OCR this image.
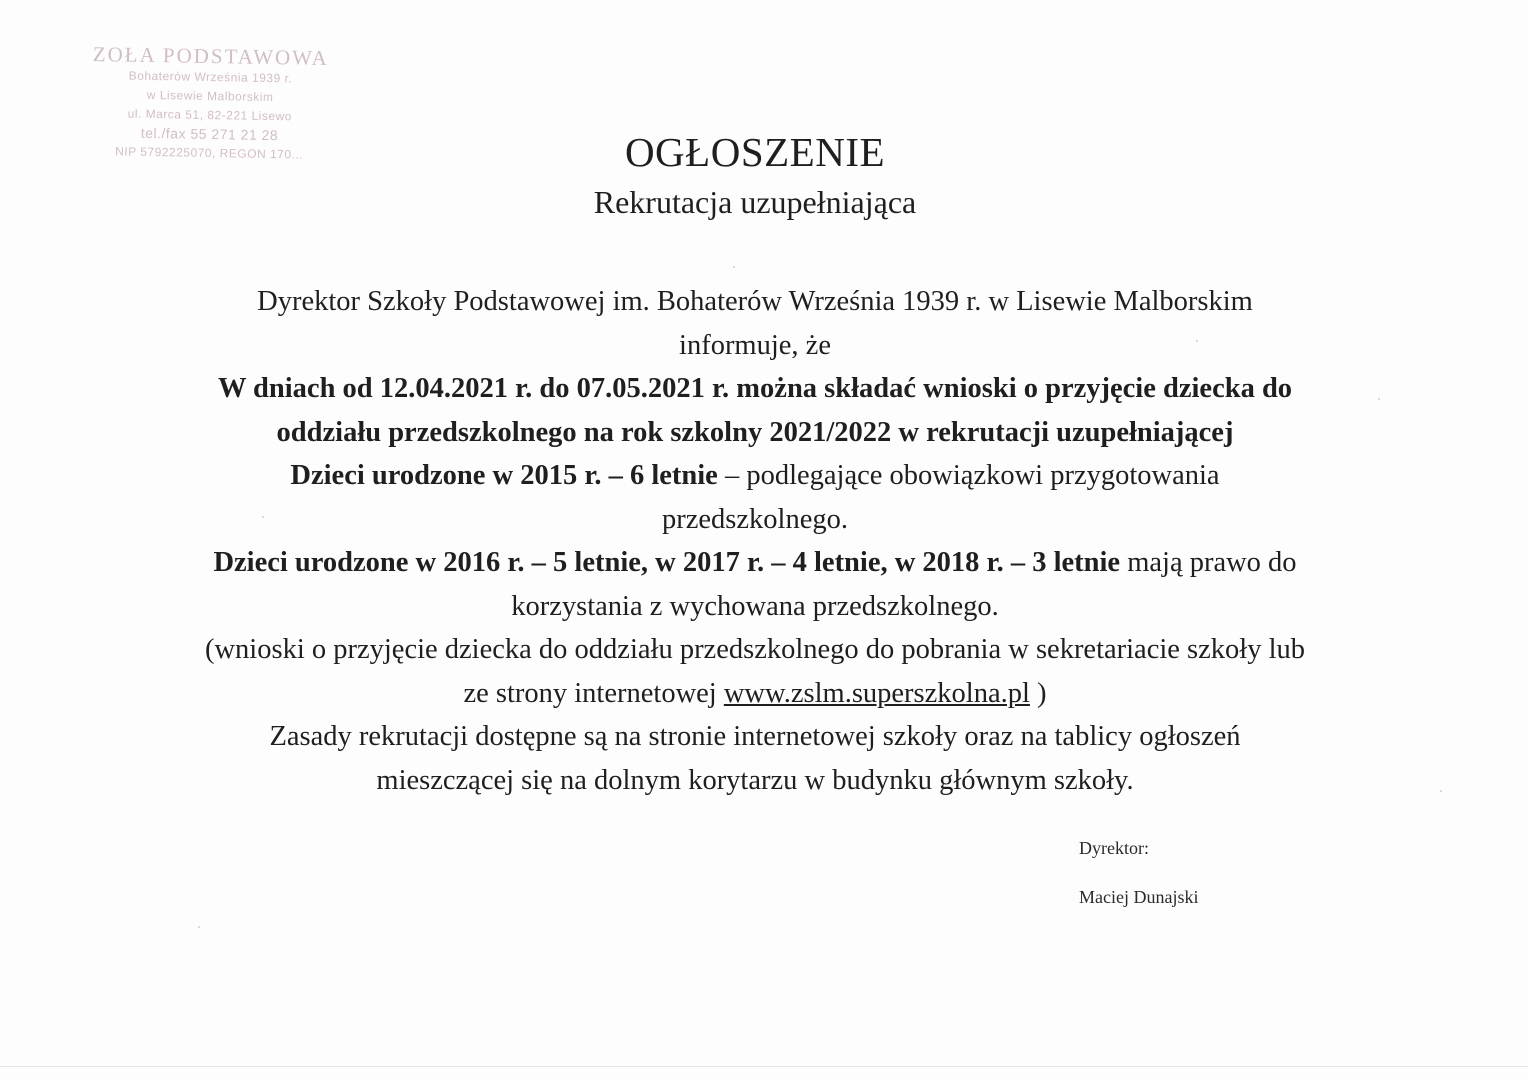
ZOŁA PODSTAWOWA
Bohaterów Września 1939 r.
w Lisewie Malborskim
ul. Marca 51, 82-221 Lisewo
tel./fax 55 271 21 28
NIP 5792225070, REGON 170...	OGŁOSZENIE
Rekrutacja uzupełniająca

Dyrektor Szkoły Podstawowej im. Bohaterów Września 1939 r. w Lisewie Malborskim

informuje, że

W dniach od 12.04.2021 r. do 07.05.2021 r. można składać wnioski o przyjęcie dziecka do

oddziału przedszkolnego na rok szkolny 2021/2022 w rekrutacji uzupełniającej

Dzieci urodzone w 2015 r. – 6 letnie – podlegające obowiązkowi przygotowania

przedszkolnego.

Dzieci urodzone w 2016 r. – 5 letnie, w 2017 r. – 4 letnie, w 2018 r. – 3 letnie mają prawo do

korzystania z wychowana przedszkolnego.

(wnioski o przyjęcie dziecka do oddziału przedszkolnego do pobrania w sekretariacie szkoły lub

ze strony internetowej www.zslm.superszkolna.pl )

Zasady rekrutacji dostępne są na stronie internetowej szkoły oraz na tablicy ogłoszeń

mieszczącej się na dolnym korytarzu w budynku głównym szkoły.

Dyrektor:
Maciej Dunajski
